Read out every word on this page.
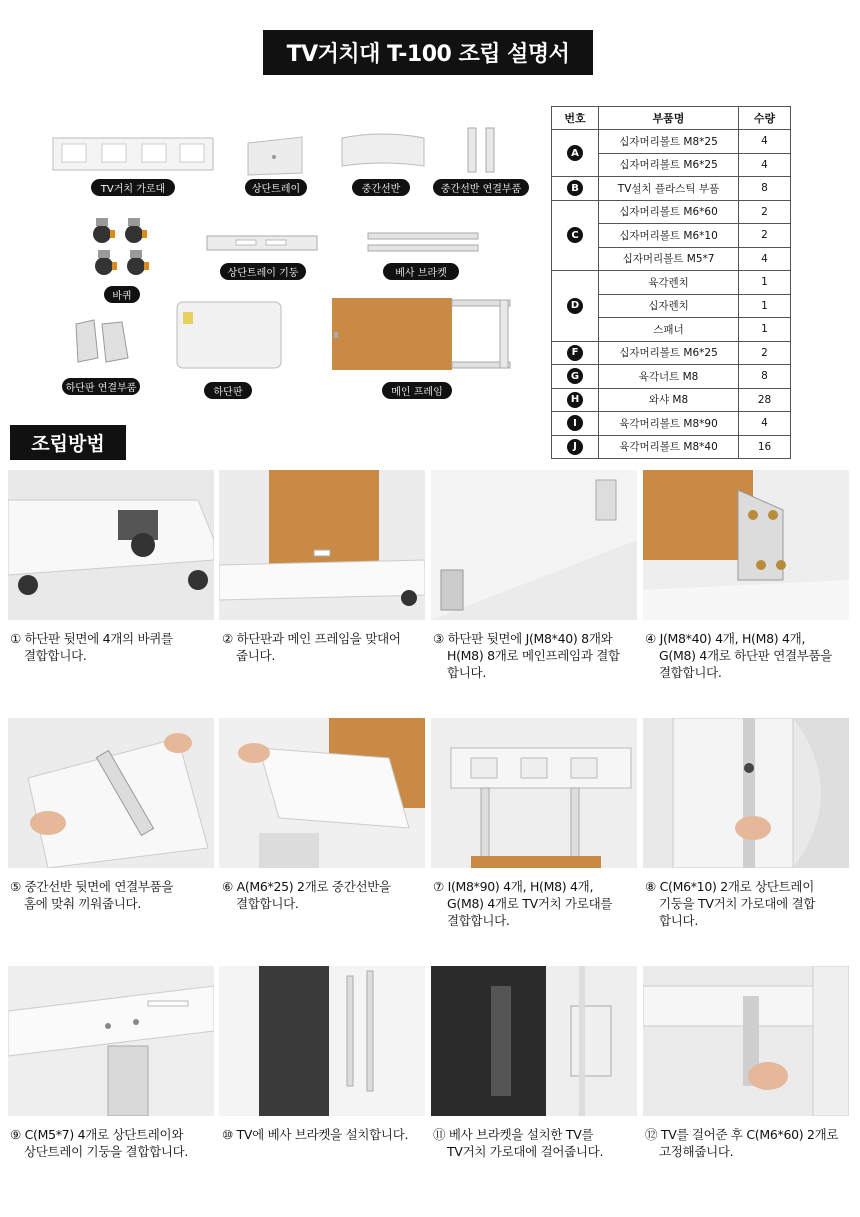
TV거치대 T-100 조립 설명서
TV거치 가로대	상단트레이	중간선반	중간선반 연결부품
바퀴
상단트레이 기둥	베사 브라켓
하단판 연결부품	하단판	메인 프레임
번호	부품명	수량
A	십자머리볼트 M8*25	4
	십자머리볼트 M6*25	4
B	TV설치 플라스틱 부품	8
C	십자머리볼트 M6*60	2
	십자머리볼트 M6*10	2
	십자머리볼트 M5*7	4
D	육각렌치	1
	십자렌치	1
	스패너	1
F	십자머리볼트 M6*25	2
G	육각너트 M8	8
H	와샤 M8	28
I	육각머리볼트 M8*90	4
J	육각머리볼트 M8*40	16
조립방법
① 하단판 뒷면에 4개의 바퀴를
결합합니다.
② 하단판과 메인 프레임을 맞대어
줍니다.
③ 하단판 뒷면에 J(M8*40) 8개와
H(M8) 8개로 메인프레임과 결합
합니다.
④ J(M8*40) 4개, H(M8) 4개,
G(M8) 4개로 하단판 연결부품을
결합합니다.
⑤ 중간선반 뒷면에 연결부품을
홈에 맞춰 끼워줍니다.
⑥ A(M6*25) 2개로 중간선반을
결합합니다.
⑦ I(M8*90) 4개, H(M8) 4개,
G(M8) 4개로 TV거치 가로대를
결합합니다.
⑧ C(M6*10) 2개로 상단트레이
기둥을 TV거치 가로대에 결합
합니다.
⑨ C(M5*7) 4개로 상단트레이와
상단트레이 기둥을 결합합니다.
⑩ TV에 베사 브라켓을 설치합니다.	⑪ 베사 브라켓을 설치한 TV를
TV거치 가로대에 걸어줍니다.
⑫ TV를 걸어준 후 C(M6*60) 2개로
고정해줍니다.
